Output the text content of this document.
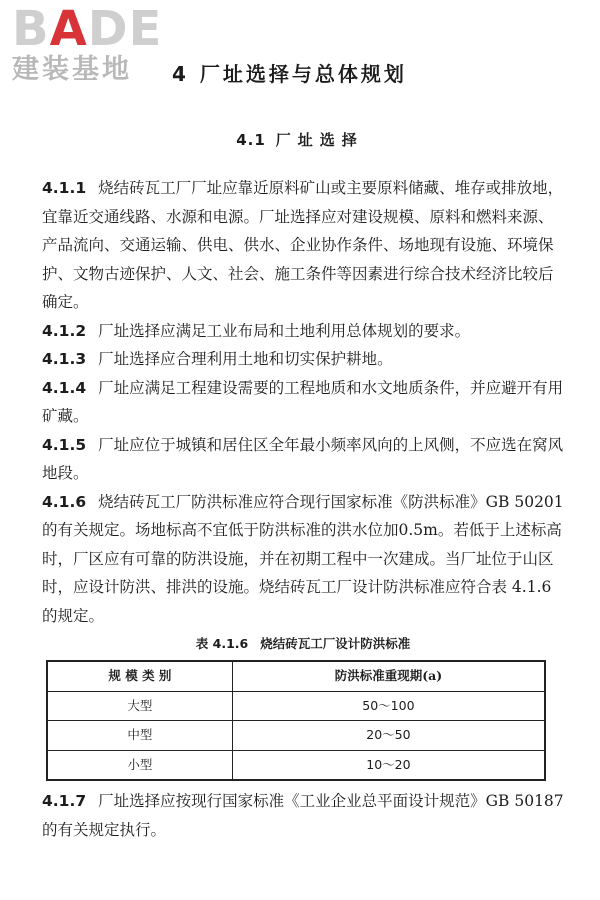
BADE
建装基地	4 厂址选择与总体规划
4.1 厂址选择

4.1.1 烧结砖瓦工厂厂址应靠近原料矿山或主要原料储藏、堆存或排放地，宜靠近交通线路、水源和电源。厂址选择应对建设规模、原料和燃料来源、产品流向、交通运输、供电、供水、企业协作条件、场地现有设施、环境保护、文物古迹保护、人文、社会、施工条件等因素进行综合技术经济比较后确定。

4.1.2 厂址选择应满足工业布局和土地利用总体规划的要求。

4.1.3 厂址选择应合理利用土地和切实保护耕地。

4.1.4 厂址应满足工程建设需要的工程地质和水文地质条件，并应避开有用矿藏。

4.1.5 厂址应位于城镇和居住区全年最小频率风向的上风侧，不应选在窝风地段。

4.1.6 烧结砖瓦工厂防洪标准应符合现行国家标准《防洪标准》GB 50201 的有关规定。场地标高不宜低于防洪标准的洪水位加0.5m。若低于上述标高时，厂区应有可靠的防洪设施，并在初期工程中一次建成。当厂址位于山区时，应设计防洪、排洪的设施。烧结砖瓦工厂设计防洪标准应符合表 4.1.6 的规定。

表 4.1.6 烧结砖瓦工厂设计防洪标准
规 模 类 别	防洪标准重现期(a)
大型	50～100
中型	20～50
小型	10～20

4.1.7 厂址选择应按现行国家标准《工业企业总平面设计规范》GB 50187 的有关规定执行。
